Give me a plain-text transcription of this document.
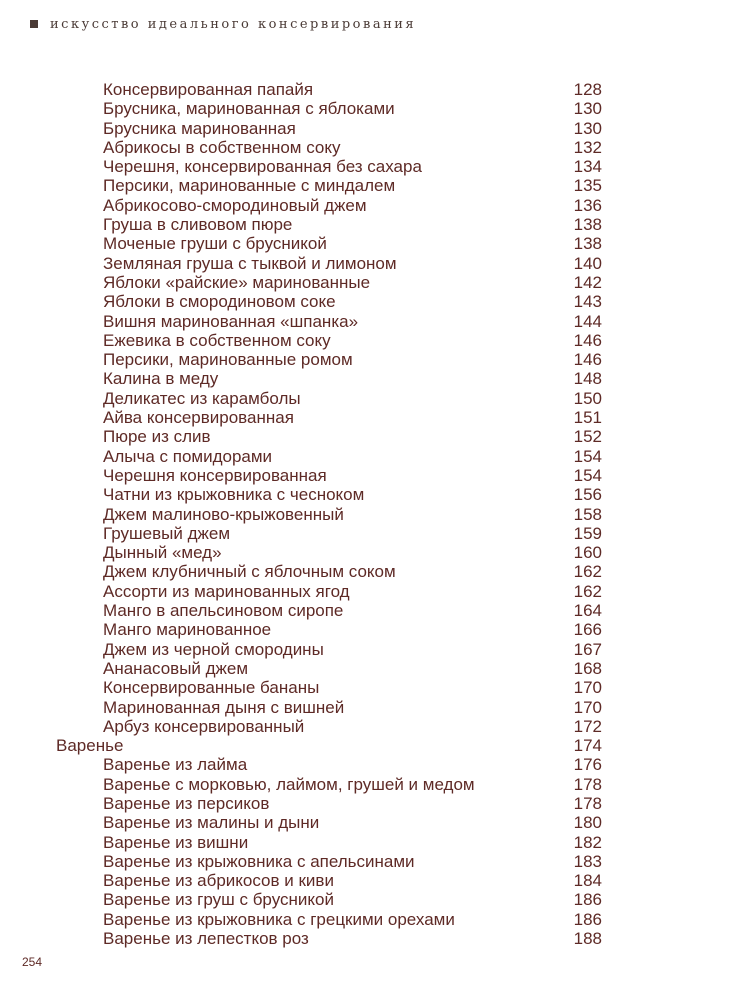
искусство идеального консервирования
Консервированная папайя	128
Брусника, маринованная с яблоками	130
Брусника маринованная	130
Абрикосы в собственном соку	132
Черешня, консервированная без сахара	134
Персики, маринованные с миндалем	135
Абрикосово-смородиновый джем	136
Груша в сливовом пюре	138
Моченые груши с брусникой	138
Земляная груша с тыквой и лимоном	140
Яблоки «райские» маринованные	142
Яблоки в смородиновом соке	143
Вишня маринованная «шпанка»	144
Ежевика в собственном соку	146
Персики, маринованные ромом	146
Калина в меду	148
Деликатес из карамболы	150
Айва консервированная	151
Пюре из слив	152
Алыча с помидорами	154
Черешня консервированная	154
Чатни из крыжовника с чесноком	156
Джем малиново-крыжовенный	158
Грушевый джем	159
Дынный «мед»	160
Джем клубничный с яблочным соком	162
Ассорти из маринованных ягод	162
Манго в апельсиновом сиропе	164
Манго маринованное	166
Джем из черной смородины	167
Ананасовый джем	168
Консервированные бананы	170
Маринованная дыня с вишней	170
Арбуз консервированный	172
Варенье	174
Варенье из лайма	176
Варенье с морковью, лаймом, грушей и медом	178
Варенье из персиков	178
Варенье из малины и дыни	180
Варенье из вишни	182
Варенье из крыжовника с апельсинами	183
Варенье из абрикосов и киви	184
Варенье из груш с брусникой	186
Варенье из крыжовника с грецкими орехами	186
Варенье из лепестков роз	188
254
